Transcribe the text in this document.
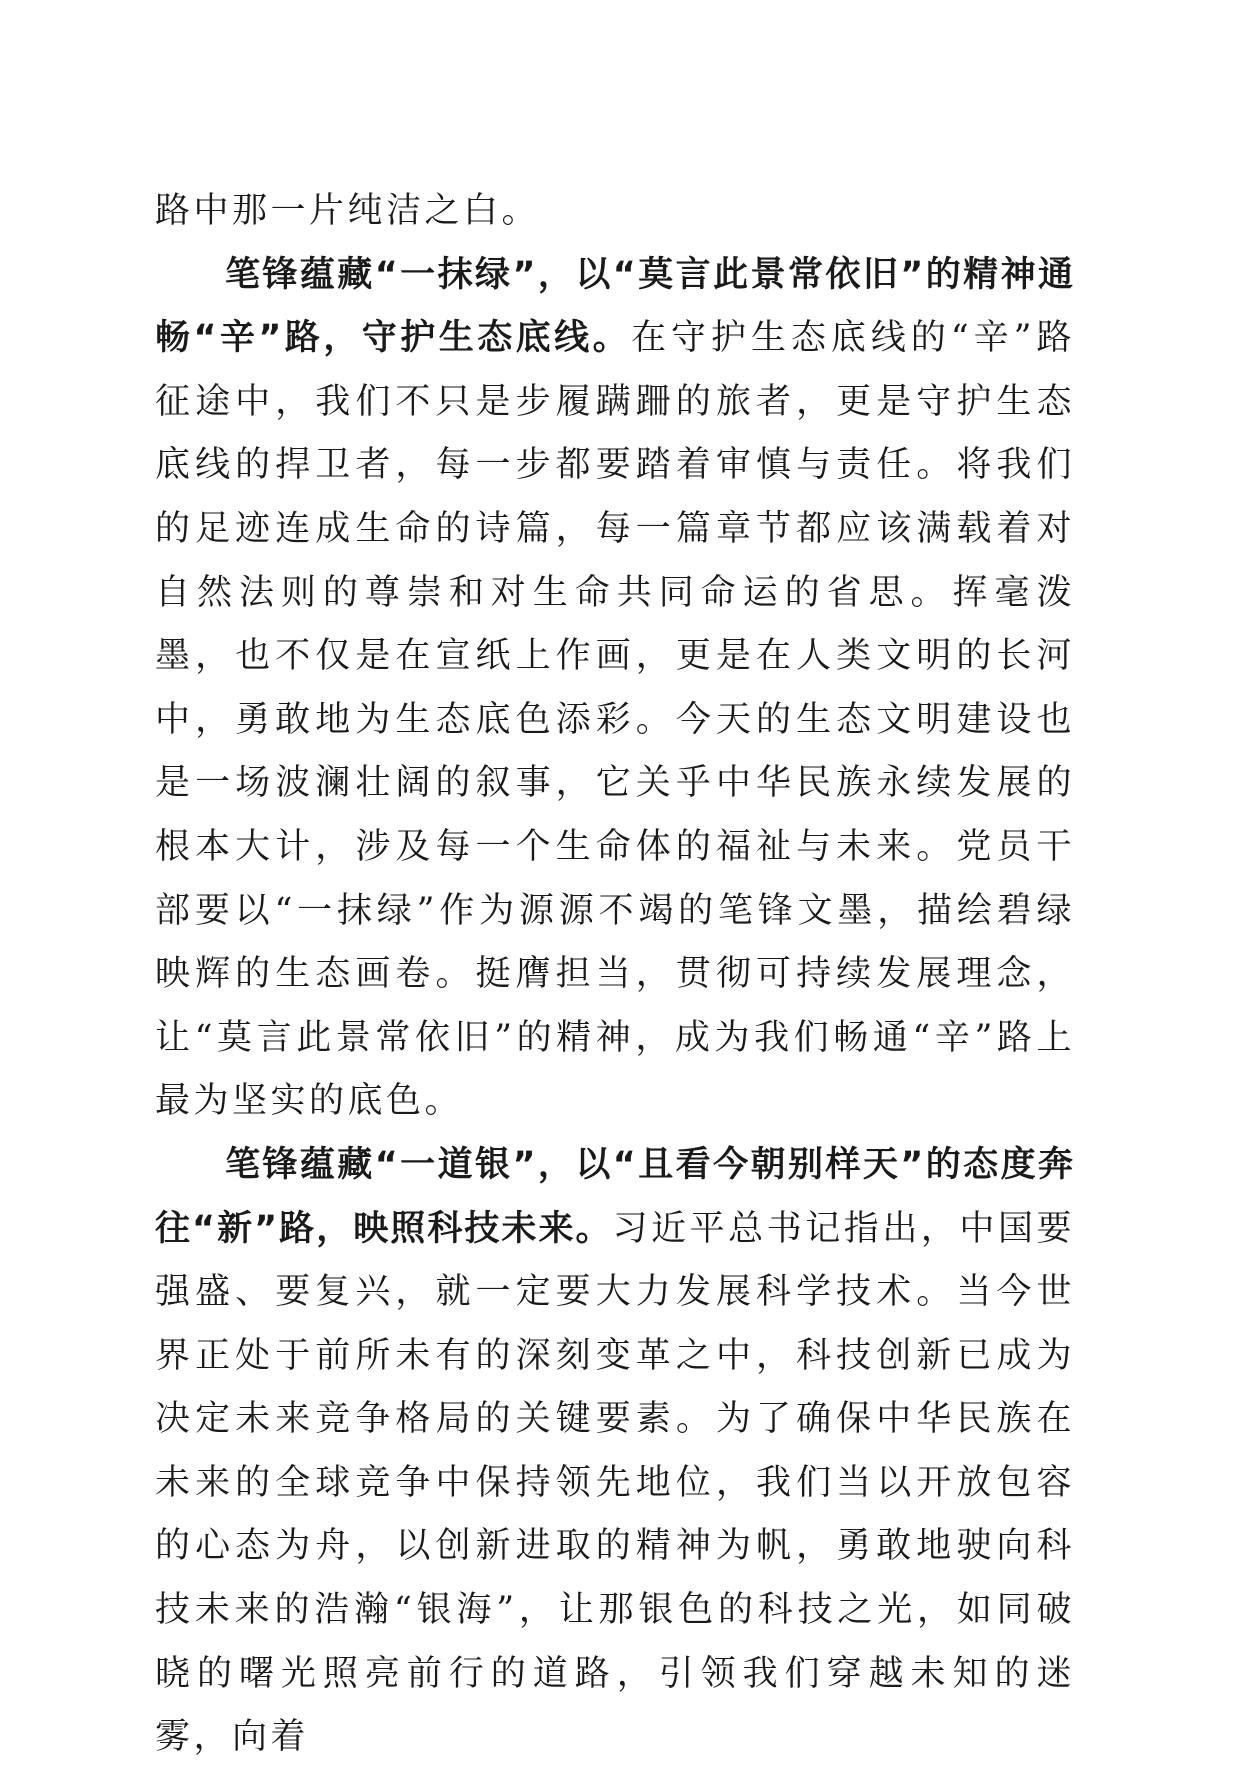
路中那一片纯洁之白。

笔锋蕴藏“一抹绿”，以“莫言此景常依旧”的精神通畅“辛”路，守护生态底线。在守护生态底线的“辛”路征途中，我们不只是步履蹒跚的旅者，更是守护生态底线的捍卫者，每一步都要踏着审慎与责任。将我们的足迹连成生命的诗篇，每一篇章节都应该满载着对自然法则的尊崇和对生命共同命运的省思。挥毫泼墨，也不仅是在宣纸上作画，更是在人类文明的长河中，勇敢地为生态底色添彩。今天的生态文明建设也是一场波澜壮阔的叙事，它关乎中华民族永续发展的根本大计，涉及每一个生命体的福祉与未来。党员干部要以“一抹绿”作为源源不竭的笔锋文墨，描绘碧绿映辉的生态画卷。挺膺担当，贯彻可持续发展理念，让“莫言此景常依旧”的精神，成为我们畅通“辛”路上最为坚实的底色。

笔锋蕴藏“一道银”，以“且看今朝别样天”的态度奔往“新”路，映照科技未来。习近平总书记指出，中国要强盛、要复兴，就一定要大力发展科学技术。当今世界正处于前所未有的深刻变革之中，科技创新已成为决定未来竞争格局的关键要素。为了确保中华民族在未来的全球竞争中保持领先地位，我们当以开放包容的心态为舟，以创新进取的精神为帆，勇敢地驶向科技未来的浩瀚“银海”，让那银色的科技之光，如同破晓的曙光照亮前行的道路，引领我们穿越未知的迷雾，向着
